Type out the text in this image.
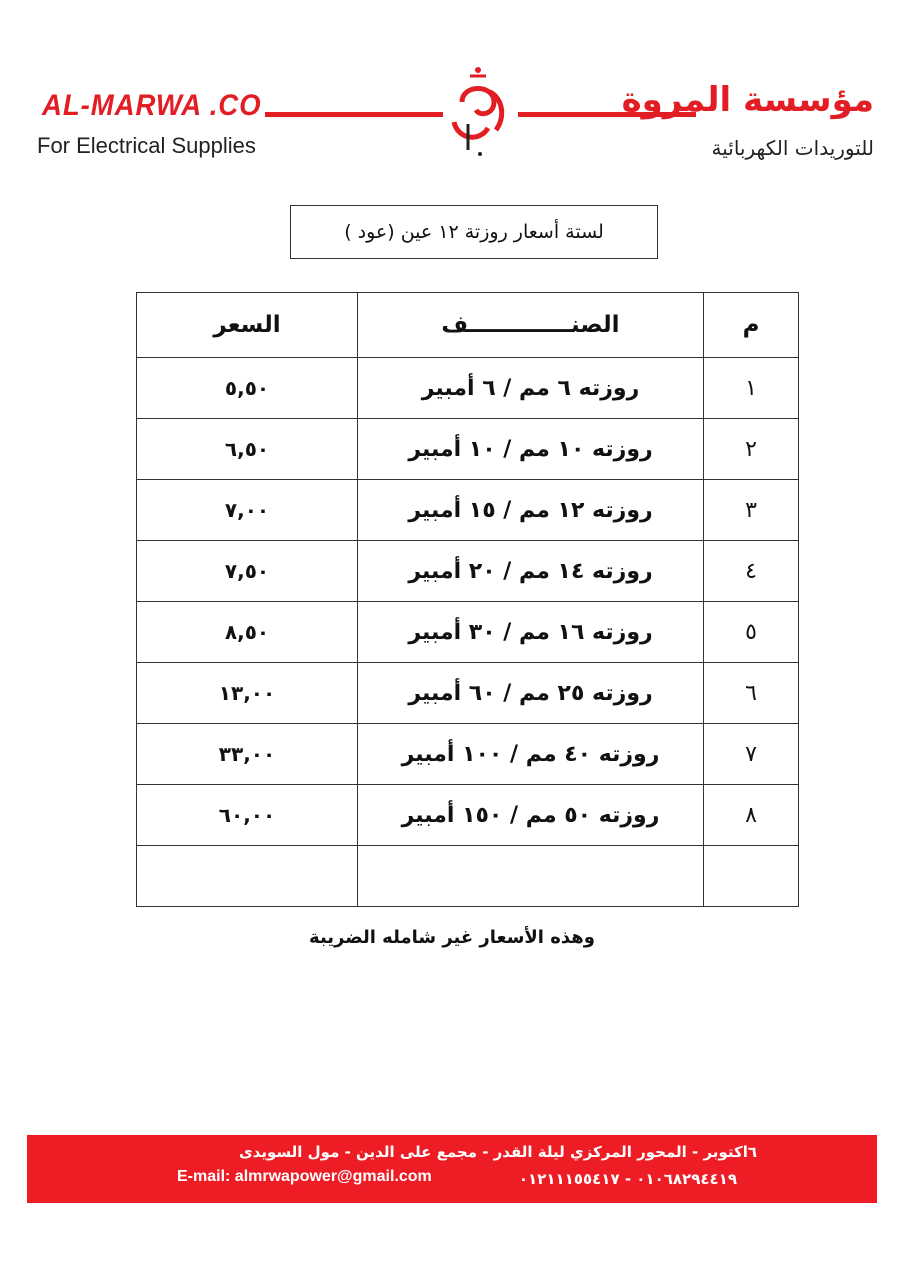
AL-MARWA .CO
For Electrical Supplies
مؤسسة المروة
للتوريدات الكهربائية
لستة أسعار روزتة ١٢ عين (عود )
م	الصنـــــــــــــف	السعر
١	روزته ٦ مم / ٦ أمبير	٥,٥٠
٢	روزته ١٠ مم / ١٠ أمبير	٦,٥٠
٣	روزته ١٢ مم / ١٥ أمبير	٧,٠٠
٤	روزته ١٤ مم / ٢٠ أمبير	٧,٥٠
٥	روزته ١٦ مم / ٣٠ أمبير	٨,٥٠
٦	روزته ٢٥ مم / ٦٠ أمبير	١٣,٠٠
٧	روزته ٤٠ مم / ١٠٠ أمبير	٣٣,٠٠
٨	روزته ٥٠ مم / ١٥٠ أمبير	٦٠,٠٠

وهذه الأسعار غير شامله الضريبة
٦اكتوبر - المحور المركزي ليلة القدر - مجمع على الدين - مول السويدى
E-mail: almrwapower@gmail.com	٠١٠٦٨٢٩٤٤١٩ - ٠١٢١١١٥٥٤١٧
